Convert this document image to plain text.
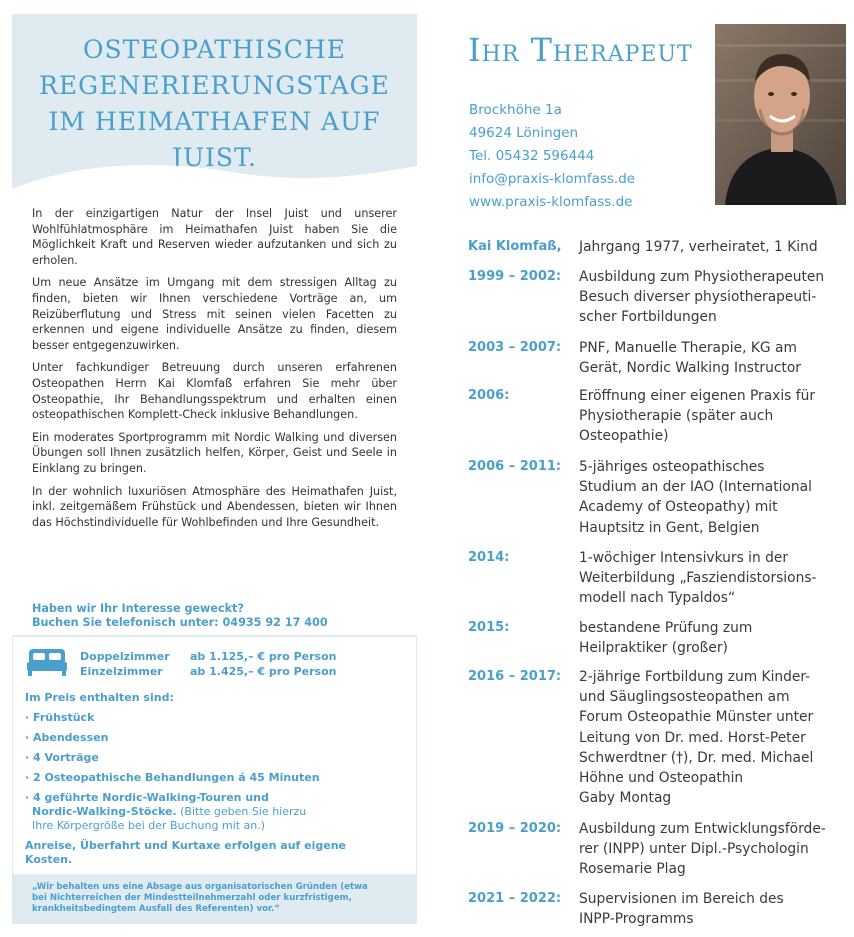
OSTEOPATHISCHE
REGENERIERUNGSTAGE
IM HEIMATHAFEN AUF JUIST.

In der einzigartigen Natur der Insel Juist und unserer Wohlfühlatmosphäre im Heimathafen Juist haben Sie die Möglichkeit Kraft und Reserven wieder aufzutanken und sich zu erholen.

Um neue Ansätze im Umgang mit dem stressigen Alltag zu finden, bieten wir Ihnen verschiedene Vorträge an, um Reizüberflutung und Stress mit seinen vielen Facetten zu erkennen und eigene individuelle Ansätze zu finden, diesem besser entgegenzuwirken.

Unter fachkundiger Betreuung durch unseren erfahrenen Osteopathen Herrn Kai Klomfaß erfahren Sie mehr über Osteopathie, Ihr Behandlungsspektrum und erhalten einen osteopathischen Komplett-Check inklusive Behandlungen.

Ein moderates Sportprogramm mit Nordic Walking und diversen Übungen soll Ihnen zusätzlich helfen, Körper, Geist und Seele in Einklang zu bringen.

In der wohnlich luxuriösen Atmosphäre des Heimathafen Juist, inkl. zeitgemäßem Frühstück und Abendessen, bieten wir Ihnen das Höchstindividuelle für Wohlbefinden und Ihre Gesundheit.

Haben wir Ihr Interesse geweckt?
Buchen Sie telefonisch unter: 04935 92 17 400
Doppelzimmer	ab 1.125,– € pro Person
Einzelzimmer	ab 1.425,– € pro Person
Im Preis enthalten sind:
· Frühstück
· Abendessen
· 4 Vorträge
· 2 Osteopathische Behandlungen á 45 Minuten
· 4 geführte Nordic-Walking-Touren und
Nordic-Walking-Stöcke. (Bitte geben Sie hierzu
Ihre Körpergröße bei der Buchung mit an.)
Anreise, Überfahrt und Kurtaxe erfolgen auf eigene Kosten.
„Wir behalten uns eine Absage aus organisatorischen Gründen (etwa
bei Nichterreichen der Mindestteilnehmerzahl oder kurzfristigem,
krankheitsbedingtem Ausfall des Referenten) vor.“
Ihr Therapeut
Brockhöhe 1a
49624 Löningen
Tel. 05432 596444
info@praxis-klomfass.de
www.praxis-klomfass.de
Kai Klomfaß,	Jahrgang 1977, verheiratet, 1 Kind
1999 – 2002:	Ausbildung zum Physiotherapeuten
Besuch diverser physiotherapeuti-
scher Fortbildungen
2003 – 2007:	PNF, Manuelle Therapie, KG am
Gerät, Nordic Walking Instructor
2006:	Eröffnung einer eigenen Praxis für
Physiotherapie (später auch
Osteopathie)
2006 – 2011:	5-jähriges osteopathisches
Studium an der IAO (International
Academy of Osteopathy) mit
Hauptsitz in Gent, Belgien
2014:	1-wöchiger Intensivkurs in der
Weiterbildung „Fasziendistorsions-
modell nach Typaldos“
2015:	bestandene Prüfung zum
Heilpraktiker (großer)
2016 – 2017:	2-jährige Fortbildung zum Kinder-
und Säuglingsosteopathen am
Forum Osteopathie Münster unter
Leitung von Dr. med. Horst-Peter
Schwerdtner (†), Dr. med. Michael
Höhne und Osteopathin
Gaby Montag
2019 – 2020:	Ausbildung zum Entwicklungsförde-
rer (INPP) unter Dipl.-Psychologin
Rosemarie Plag
2021 – 2022:	Supervisionen im Bereich des
INPP-Programms
